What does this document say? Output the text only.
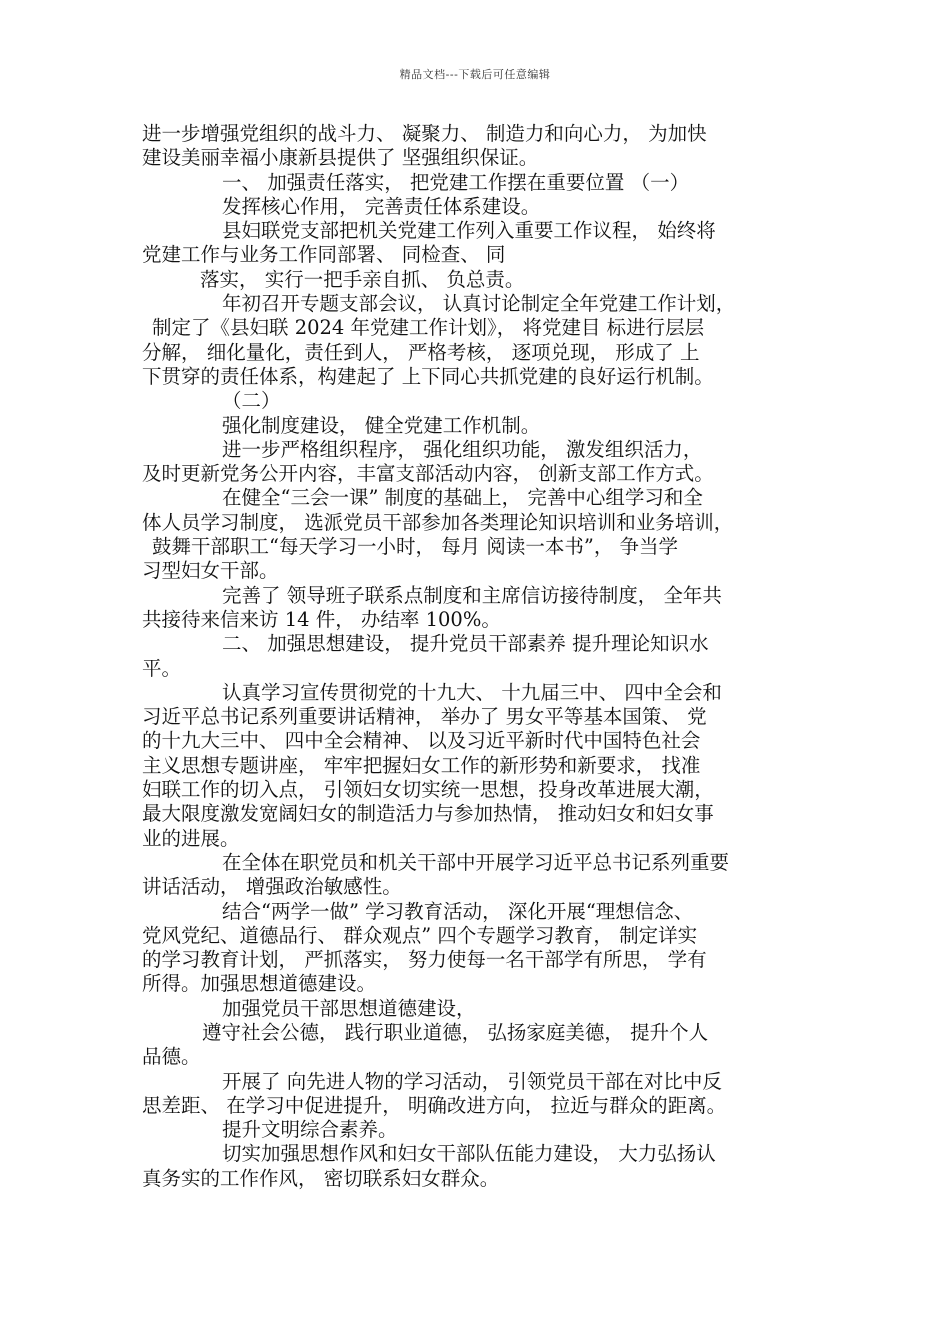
精品文档---下载后可任意编辑
进一步增强党组织的战斗力、 凝聚力、 制造力和向心力， 为加快
建设美丽幸福小康新县提供了 坚强组织保证。
一、 加强责任落实， 把党建工作摆在重要位置 （一）
发挥核心作用， 完善责任体系建设。
县妇联党支部把机关党建工作列入重要工作议程， 始终将
党建工作与业务工作同部署、 同检查、 同
落实， 实行一把手亲自抓、 负总责。
年初召开专题支部会议， 认真讨论制定全年党建工作计划，
制定了《县妇联 2024 年党建工作计划》， 将党建目 标进行层层
分解， 细化量化，责任到人， 严格考核， 逐项兑现， 形成了 上
下贯穿的责任体系，构建起了 上下同心共抓党建的良好运行机制。
（二）
强化制度建设， 健全党建工作机制。
进一步严格组织程序， 强化组织功能， 激发组织活力，
及时更新党务公开内容，丰富支部活动内容， 创新支部工作方式。
在健全“三会一课” 制度的基础上， 完善中心组学习和全
体人员学习制度， 选派党员干部参加各类理论知识培训和业务培训，
鼓舞干部职工“每天学习一小时， 每月 阅读一本书”， 争当学
习型妇女干部。
完善了 领导班子联系点制度和主席信访接待制度， 全年共
共接待来信来访 14 件， 办结率 100%。
二、 加强思想建设， 提升党员干部素养 提升理论知识水
平。
认真学习宣传贯彻党的十九大、 十九届三中、 四中全会和
习近平总书记系列重要讲话精神， 举办了 男女平等基本国策、 党
的十九大三中、 四中全会精神、 以及习近平新时代中国特色社会
主义思想专题讲座， 牢牢把握妇女工作的新形势和新要求， 找准
妇联工作的切入点， 引领妇女切实统一思想，投身改革进展大潮，
最大限度激发宽阔妇女的制造活力与参加热情， 推动妇女和妇女事
业的进展。
在全体在职党员和机关干部中开展学习近平总书记系列重要
讲话活动， 增强政治敏感性。
结合“两学一做” 学习教育活动， 深化开展“理想信念、
党风党纪、道德品行、 群众观点” 四个专题学习教育， 制定详实
的学习教育计划， 严抓落实， 努力使每一名干部学有所思， 学有
所得。加强思想道德建设。
加强党员干部思想道德建设，
遵守社会公德， 践行职业道德， 弘扬家庭美德， 提升个人
品德。
开展了 向先进人物的学习活动， 引领党员干部在对比中反
思差距、 在学习中促进提升， 明确改进方向， 拉近与群众的距离。
提升文明综合素养。
切实加强思想作风和妇女干部队伍能力建设， 大力弘扬认
真务实的工作作风， 密切联系妇女群众。
